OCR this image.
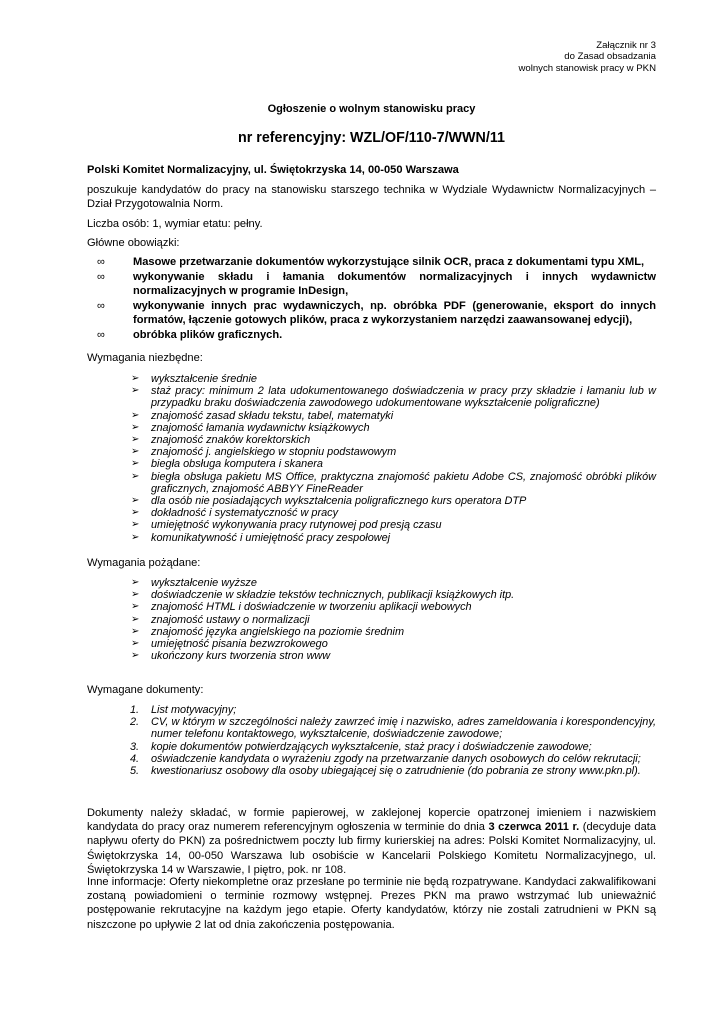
Załącznik nr 3
do Zasad obsadzania
wolnych stanowisk pracy w PKN
Ogłoszenie o wolnym stanowisku pracy
nr referencyjny: WZL/OF/110-7/WWN/11

Polski Komitet Normalizacyjny, ul. Świętokrzyska 14, 00-050 Warszawa

poszukuje kandydatów do pracy na stanowisku starszego technika w Wydziale Wydawnictw Normalizacyjnych – Dział Przygotowalnia Norm.

Liczba osób: 1, wymiar etatu: pełny.

Główne obowiązki:

∞	Masowe przetwarzanie dokumentów wykorzystujące silnik OCR, praca z dokumentami typu XML,
∞	wykonywanie składu i łamania dokumentów normalizacyjnych i innych wydawnictw normalizacyjnych w programie InDesign,
∞	wykonywanie innych prac wydawniczych, np. obróbka PDF (generowanie, eksport do innych formatów, łączenie gotowych plików, praca z wykorzystaniem narzędzi zaawansowanej edycji),
∞	obróbka plików graficznych.

Wymagania niezbędne:

➢ wykształcenie średnie
➢ staż pracy: minimum 2 lata udokumentowanego doświadczenia w pracy przy składzie i łamaniu lub w przypadku braku doświadczenia zawodowego udokumentowane wykształcenie poligraficzne)
➢ znajomość zasad składu tekstu, tabel, matematyki
➢ znajomość łamania wydawnictw książkowych
➢ znajomość znaków korektorskich
➢ znajomość j. angielskiego w stopniu podstawowym
➢ biegła obsługa komputera i skanera
➢ biegła obsługa pakietu MS Office, praktyczna znajomość pakietu Adobe CS, znajomość obróbki plików graficznych, znajomość ABBYY FineReader
➢ dla osób nie posiadających wykształcenia poligraficznego kurs operatora DTP
➢ dokładność i systematyczność w pracy
➢ umiejętność wykonywania pracy rutynowej pod presją czasu
➢ komunikatywność i umiejętność pracy zespołowej

Wymagania pożądane:

➢ wykształcenie wyższe
➢ doświadczenie w składzie tekstów technicznych, publikacji książkowych itp.
➢ znajomość HTML i doświadczenie w tworzeniu aplikacji webowych
➢ znajomość ustawy o normalizacji
➢ znajomość języka angielskiego na poziomie średnim
➢ umiejętność pisania bezwzrokowego
➢ ukończony kurs tworzenia stron www

Wymagane dokumenty:

1. List motywacyjny;
2. CV, w którym w szczególności należy zawrzeć imię i nazwisko, adres zameldowania i korespondencyjny, numer telefonu kontaktowego, wykształcenie, doświadczenie zawodowe;
3. kopie dokumentów potwierdzających wykształcenie, staż pracy i doświadczenie zawodowe;
4. oświadczenie kandydata o wyrażeniu zgody na przetwarzanie danych osobowych do celów rekrutacji;
5. kwestionariusz osobowy dla osoby ubiegającej się o zatrudnienie (do pobrania ze strony www.pkn.pl).

Dokumenty należy składać, w formie papierowej, w zaklejonej kopercie opatrzonej imieniem i nazwiskiem kandydata do pracy oraz numerem referencyjnym ogłoszenia w terminie do dnia 3 czerwca 2011 r. (decyduje data napływu oferty do PKN) za pośrednictwem poczty lub firmy kurierskiej na adres: Polski Komitet Normalizacyjny, ul. Świętokrzyska 14, 00-050 Warszawa lub osobiście w Kancelarii Polskiego Komitetu Normalizacyjnego, ul. Świętokrzyska 14 w Warszawie, I piętro, pok. nr 108.

Inne informacje: Oferty niekompletne oraz przesłane po terminie nie będą rozpatrywane. Kandydaci zakwalifikowani zostaną powiadomieni o terminie rozmowy wstępnej. Prezes PKN ma prawo wstrzymać lub unieważnić postępowanie rekrutacyjne na każdym jego etapie. Oferty kandydatów, którzy nie zostali zatrudnieni w PKN są niszczone po upływie 2 lat od dnia zakończenia postępowania.
